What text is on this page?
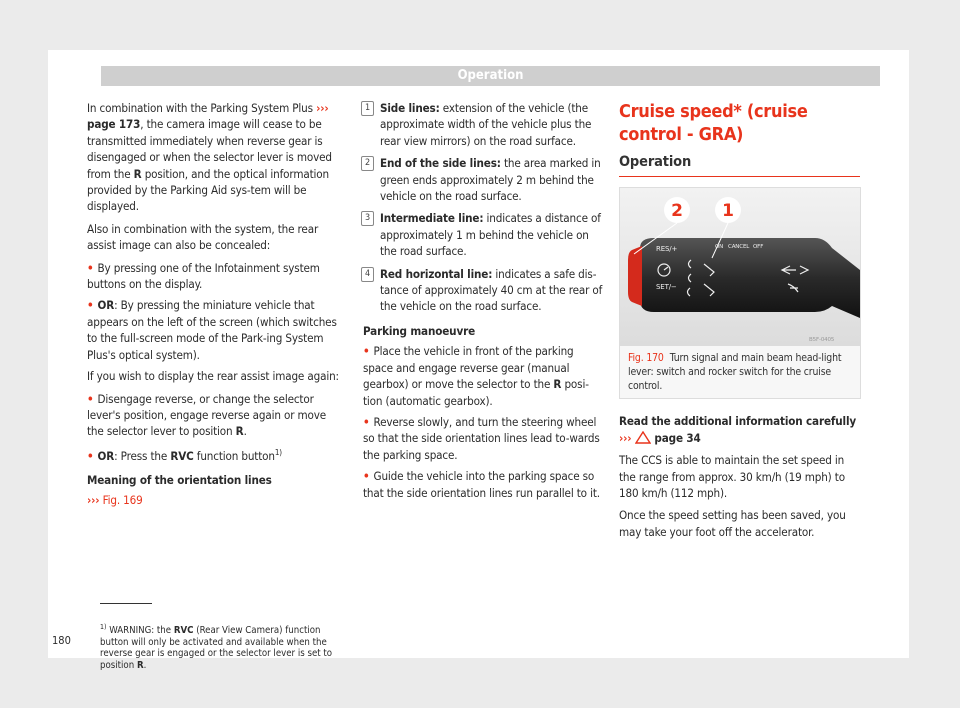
Operation

In combination with the Parking System Plus ››› page 173, the camera image will cease to be transmitted immediately when reverse gear is disengaged or when the selector lever is moved from the R position, and the optical information provided by the Parking Aid sys-tem will be displayed.

Also in combination with the system, the rear assist image can also be concealed:

• By pressing one of the Infotainment system buttons on the display.
• OR: By pressing the miniature vehicle that appears on the left of the screen (which switches to the full-screen mode of the Park-ing System Plus's optical system).

If you wish to display the rear assist image again:

• Disengage reverse, or change the selector lever's position, engage reverse again or move the selector lever to position R.
• OR: Press the RVC function button$^{1)}$
Meaning of the orientation lines
››› Fig. 169
1 Side lines: extension of the vehicle (the approximate width of the vehicle plus the rear view mirrors) on the road surface.
2 End of the side lines: the area marked in green ends approximately 2 m behind the vehicle on the road surface.
3 Intermediate line: indicates a distance of approximately 1 m behind the vehicle on the road surface.
4 Red horizontal line: indicates a safe dis-tance of approximately 40 cm at the rear of the vehicle on the road surface.
Parking manoeuvre
• Place the vehicle in front of the parking space and engage reverse gear (manual gearbox) or move the selector to the R posi-tion (automatic gearbox).
• Reverse slowly, and turn the steering wheel so that the side orientation lines lead to-wards the parking space.
• Guide the vehicle into the parking space so that the side orientation lines run parallel to it.
Cruise speed* (cruise control - GRA)
Operation
2 1
RES/+
SET/−
ON CANCEL OFF
B5F-0405
Fig. 170 Turn signal and main beam head-light lever: switch and rocker switch for the cruise control.
Read the additional information carefully
››› page 34

The CCS is able to maintain the set speed in the range from approx. 30 km/h (19 mph) to 180 km/h (112 mph).

Once the speed setting has been saved, you may take your foot off the accelerator.

$^{1)}$ WARNING: the RVC (Rear View Camera) function button will only be activated and available when the reverse gear is engaged or the selector lever is set to position R.
180
